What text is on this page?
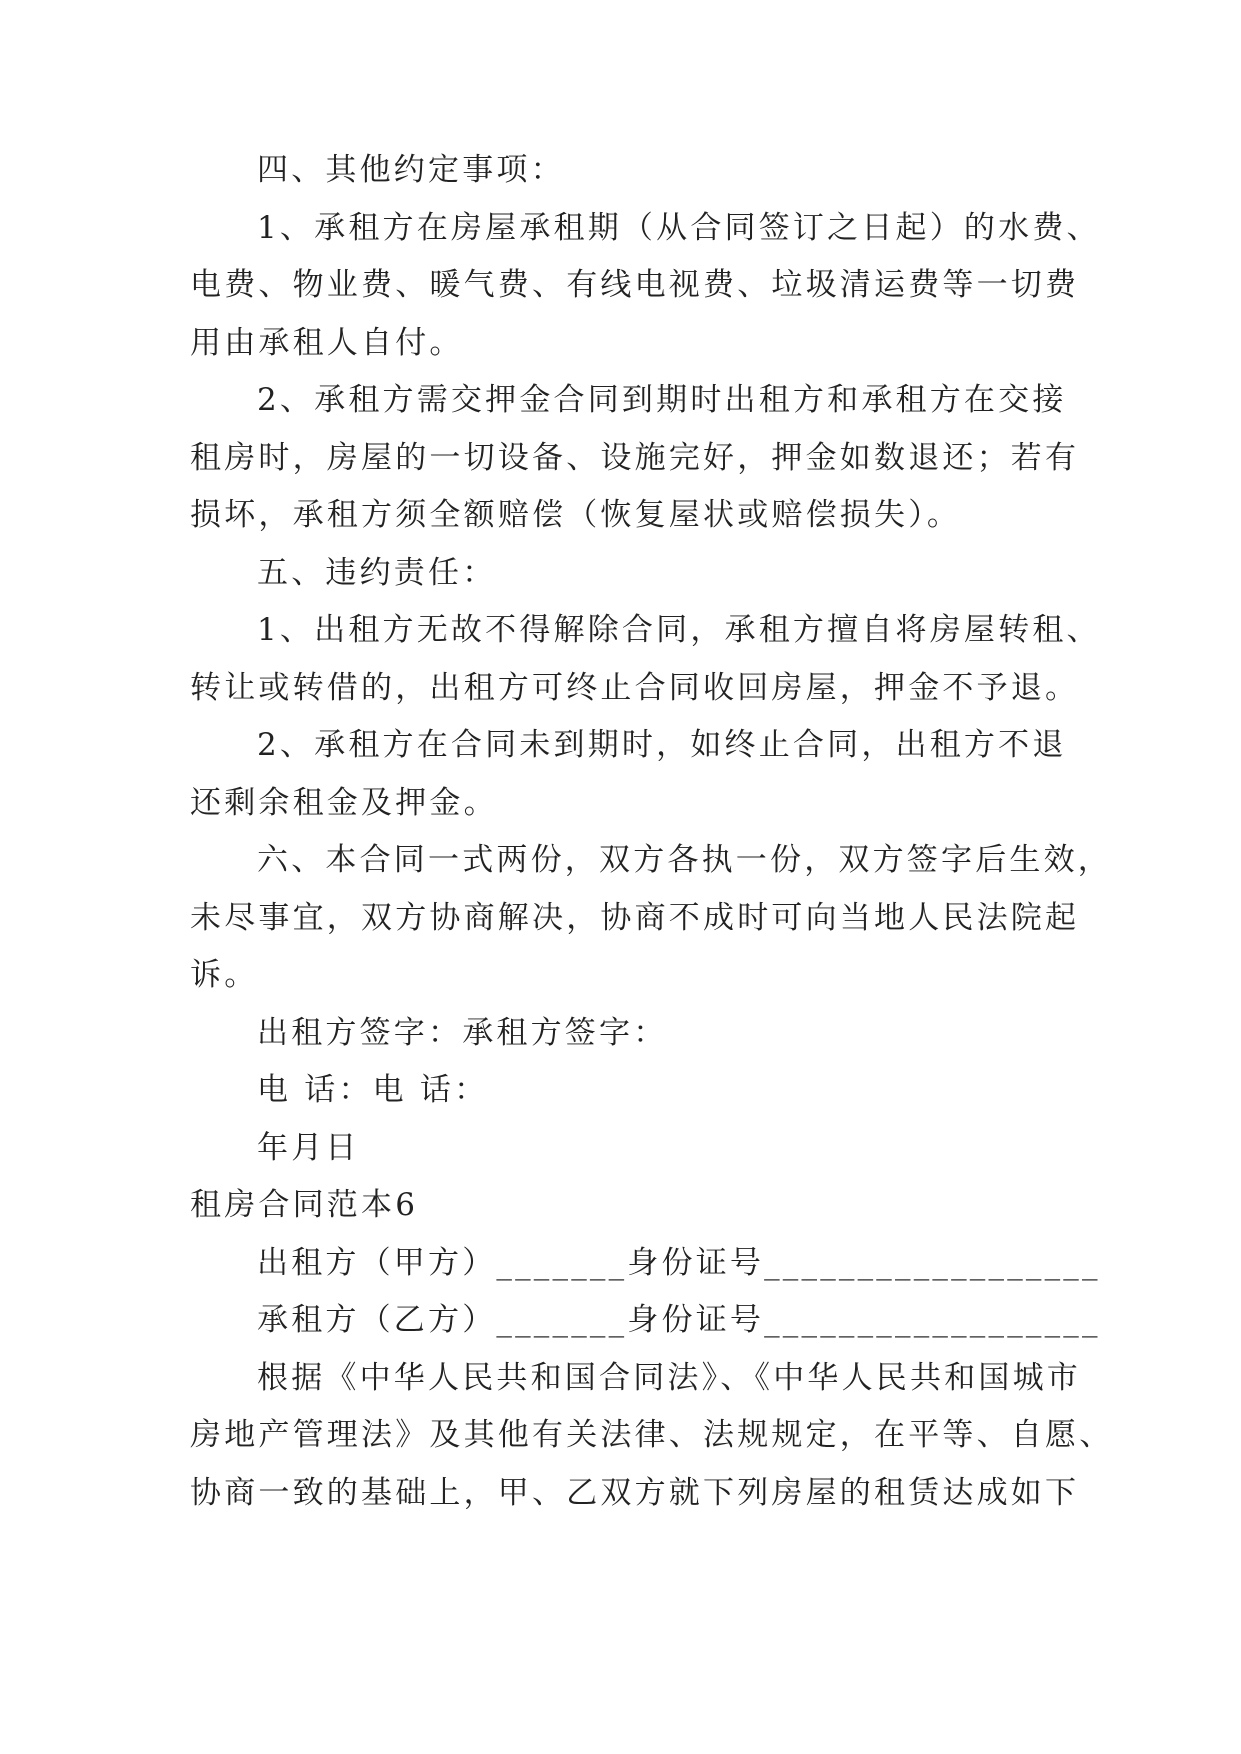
四、其他约定事项：
1、承租方在房屋承租期（从合同签订之日起）的水费、
电费、物业费、暖气费、有线电视费、垃圾清运费等一切费
用由承租人自付。
2、承租方需交押金合同到期时出租方和承租方在交接
租房时，房屋的一切设备、设施完好，押金如数退还；若有
损坏，承租方须全额赔偿（恢复屋状或赔偿损失）。
五、违约责任：
1、出租方无故不得解除合同，承租方擅自将房屋转租、
转让或转借的，出租方可终止合同收回房屋，押金不予退。
2、承租方在合同未到期时，如终止合同，出租方不退
还剩余租金及押金。
六、本合同一式两份，双方各执一份，双方签字后生效，
未尽事宜，双方协商解决，协商不成时可向当地人民法院起
诉。
出租方签字：承租方签字：
电 话：电 话：
年月日
租房合同范本6
出租方（甲方）_______身份证号__________________
承租方（乙方）_______身份证号__________________
根据《中华人民共和国合同法》、《中华人民共和国城市
房地产管理法》及其他有关法律、法规规定，在平等、自愿、
协商一致的基础上，甲、乙双方就下列房屋的租赁达成如下
